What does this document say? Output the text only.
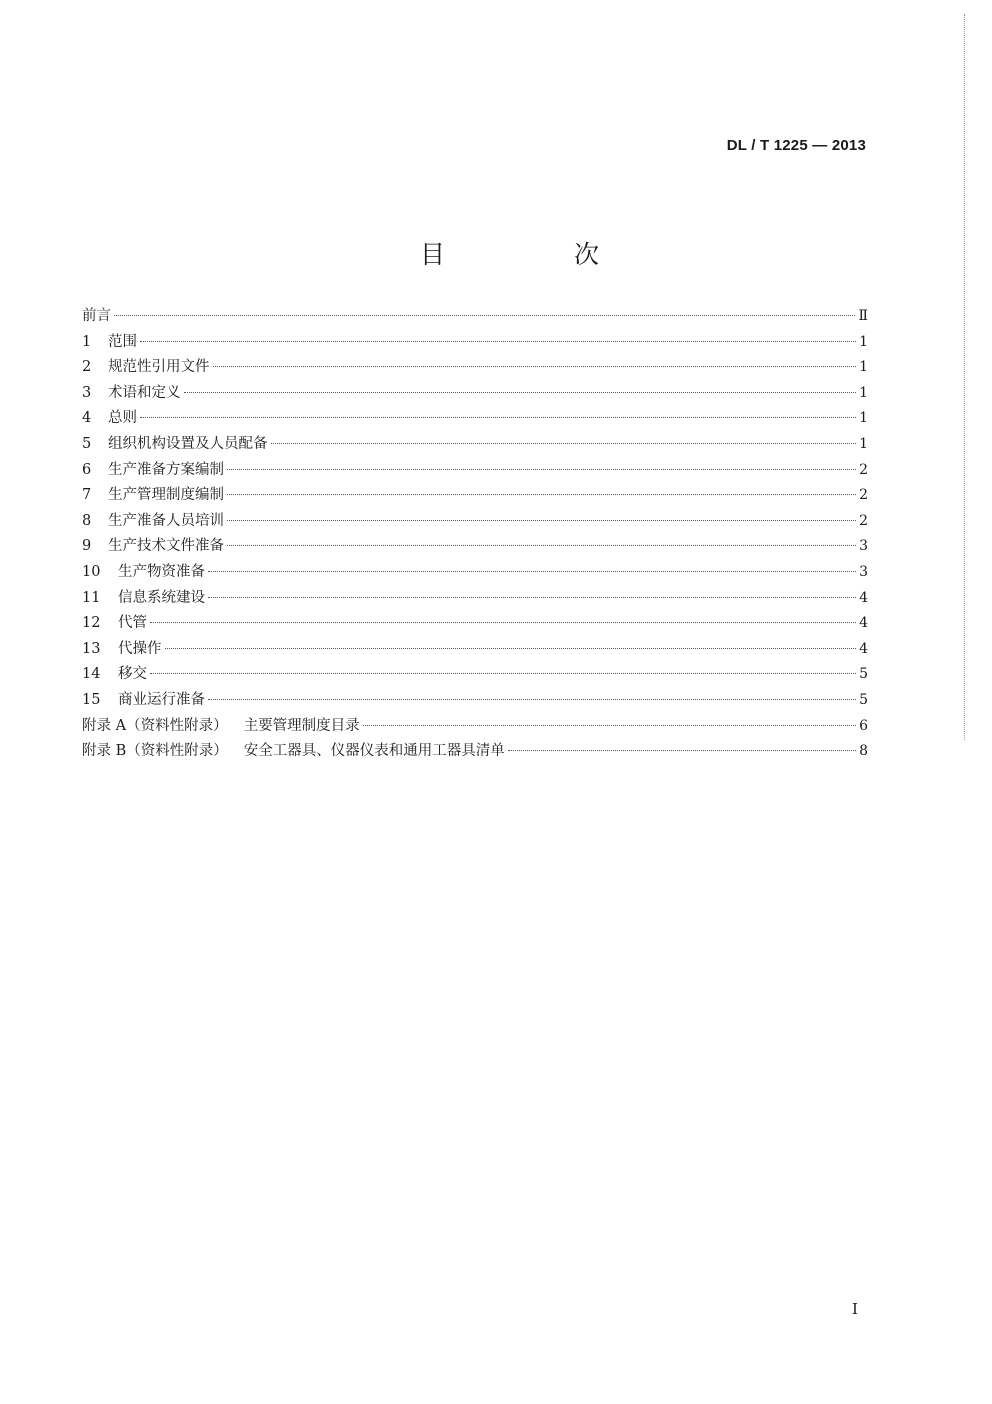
DL / T 1225 — 2013
目　次
前言	Ⅱ
1	范围	1
2	规范性引用文件	1
3	术语和定义	1
4	总则	1
5	组织机构设置及人员配备	1
6	生产准备方案编制	2
7	生产管理制度编制	2
8	生产准备人员培训	2
9	生产技术文件准备	3
10	生产物资准备	3
11	信息系统建设	4
12	代管	4
13	代操作	4
14	移交	5
15	商业运行准备	5
附录 A（资料性附录） 主要管理制度目录	6
附录 B（资料性附录） 安全工器具、仪器仪表和通用工器具清单	8
I
